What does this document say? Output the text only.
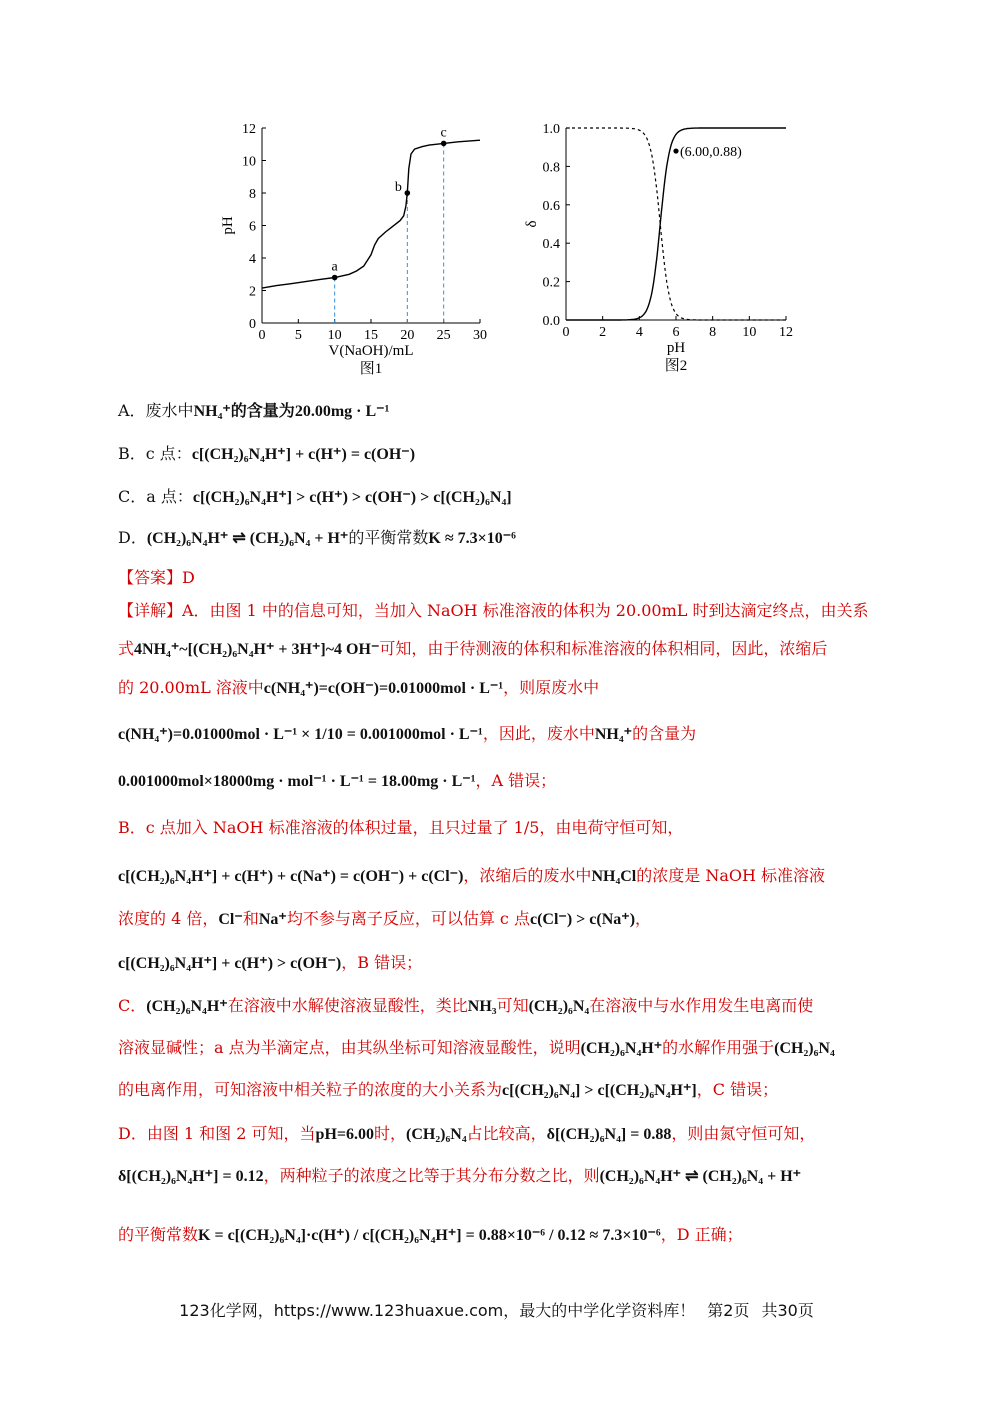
0 5 10 15 20 25 30
0
2
4
6
8
10
12
V(NaOH)/mL
pH
图1
a
b
c
0 2 4 6 8 10 12
0.0
0.2
0.4
0.6
0.8
1.0
pH
δ
图2
(6.00,0.88)
A．废水中NH₄⁺的含量为20.00mg · L⁻¹
B．c 点：c[(CH₂)₆N₄H⁺] + c(H⁺) = c(OH⁻)
C．a 点：c[(CH₂)₆N₄H⁺] > c(H⁺) > c(OH⁻) > c[(CH₂)₆N₄]
D．(CH₂)₆N₄H⁺ ⇌ (CH₂)₆N₄ + H⁺的平衡常数K ≈ 7.3×10⁻⁶
【答案】D
【详解】A．由图 1 中的信息可知，当加入 NaOH 标准溶液的体积为 20.00mL 时到达滴定终点，由关系
式4NH₄⁺~[(CH₂)₆N₄H⁺ + 3H⁺]~4 OH⁻可知，由于待测液的体积和标准溶液的体积相同，因此，浓缩后
的 20.00mL 溶液中c(NH₄⁺)=c(OH⁻)=0.01000mol · L⁻¹，则原废水中
c(NH₄⁺)=0.01000mol · L⁻¹ × 1/10 = 0.001000mol · L⁻¹，因此，废水中NH₄⁺的含量为
0.001000mol×18000mg · mol⁻¹ · L⁻¹ = 18.00mg · L⁻¹，A 错误；
B．c 点加入 NaOH 标准溶液的体积过量，且只过量了 1/5，由电荷守恒可知，
c[(CH₂)₆N₄H⁺] + c(H⁺) + c(Na⁺) = c(OH⁻) + c(Cl⁻)，浓缩后的废水中NH₄Cl的浓度是 NaOH 标准溶液
浓度的 4 倍，Cl⁻和Na⁺均不参与离子反应，可以估算 c 点c(Cl⁻) > c(Na⁺)，
c[(CH₂)₆N₄H⁺] + c(H⁺) > c(OH⁻)，B 错误；
C．(CH₂)₆N₄H⁺在溶液中水解使溶液显酸性，类比NH₃可知(CH₂)₆N₄在溶液中与水作用发生电离而使
溶液显碱性；a 点为半滴定点，由其纵坐标可知溶液显酸性，说明(CH₂)₆N₄H⁺的水解作用强于(CH₂)₆N₄
的电离作用，可知溶液中相关粒子的浓度的大小关系为c[(CH₂)₆N₄] > c[(CH₂)₆N₄H⁺]，C 错误；
D．由图 1 和图 2 可知，当pH=6.00时，(CH₂)₆N₄占比较高，δ[(CH₂)₆N₄] = 0.88，则由氮守恒可知，
δ[(CH₂)₆N₄H⁺] = 0.12，两种粒子的浓度之比等于其分布分数之比，则(CH₂)₆N₄H⁺ ⇌ (CH₂)₆N₄ + H⁺
的平衡常数K = c[(CH₂)₆N₄]·c(H⁺) / c[(CH₂)₆N₄H⁺] = 0.88×10⁻⁶ / 0.12 ≈ 7.3×10⁻⁶，D 正确；
123化学网，https://www.123huaxue.com，最大的中学化学资料库！ 第2页 共30页
